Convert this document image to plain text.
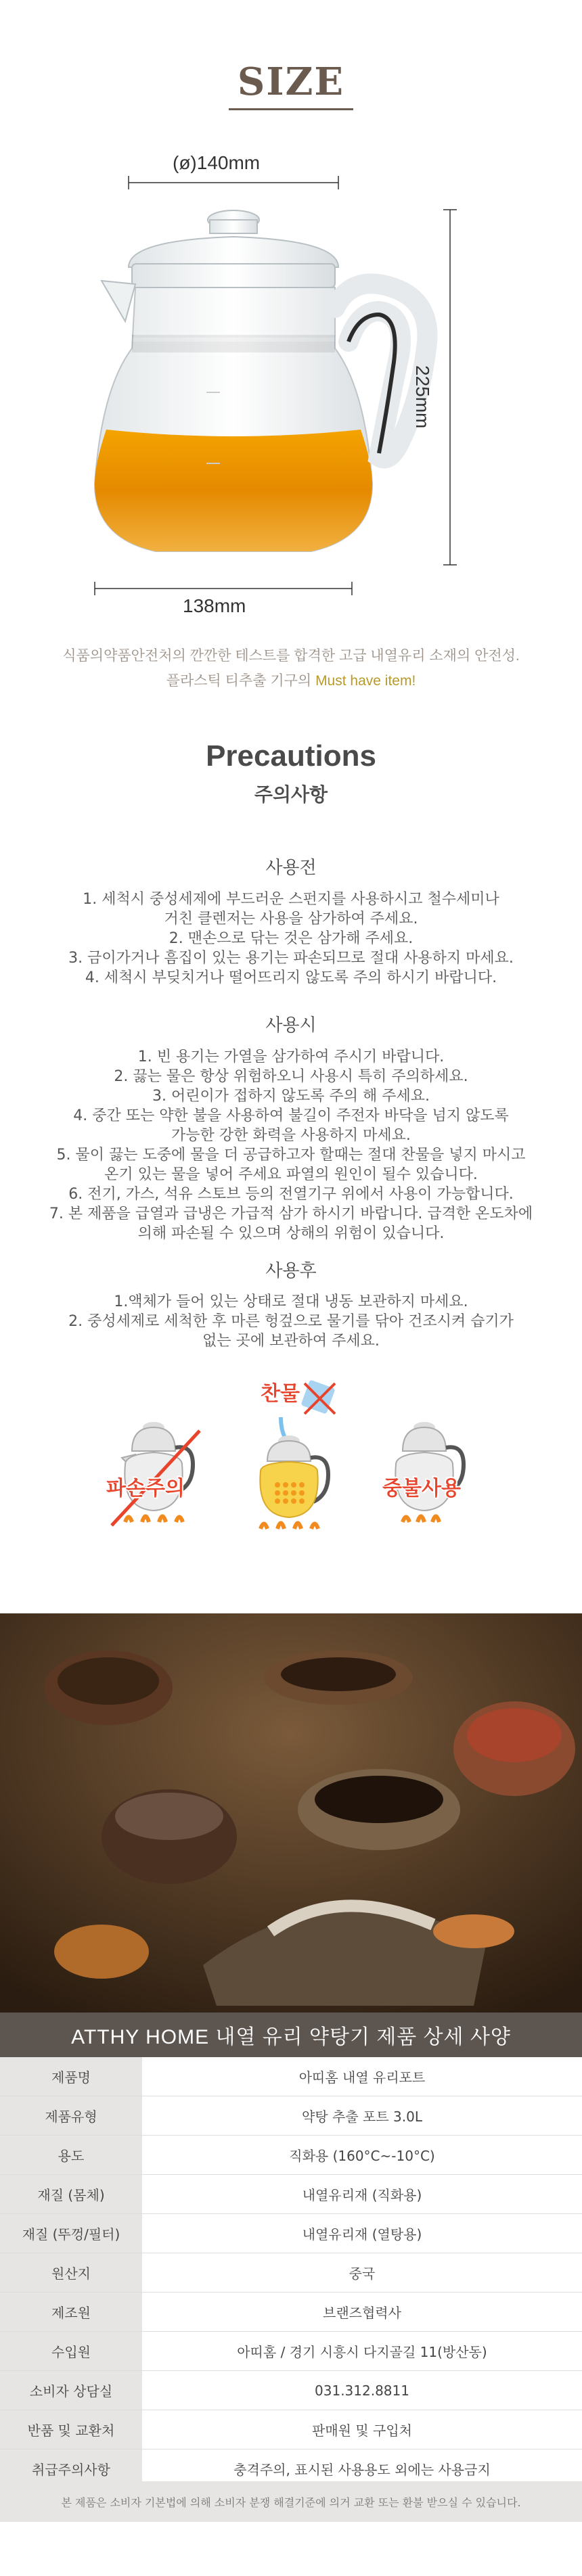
SIZE
(ø)140mm
225mm
138mm
식품의약품안전처의 깐깐한 테스트를 합격한 고급 내열유리 소재의 안전성.
플라스틱 티추출 기구의 Must have item!
Precautions
주의사항
사용전
1. 세척시 중성세제에 부드러운 스펀지를 사용하시고 철수세미나
거친 클렌저는 사용을 삼가하여 주세요.
2. 맨손으로 닦는 것은 삼가해 주세요.
3. 금이가거나 흠집이 있는 용기는 파손되므로 절대 사용하지 마세요.
4. 세척시 부딪치거나 떨어뜨리지 않도록 주의 하시기 바랍니다.
사용시
1. 빈 용기는 가열을 삼가하여 주시기 바랍니다.
2. 끓는 물은 항상 위험하오니 사용시 특히 주의하세요.
3. 어린이가 접하지 않도록 주의 해 주세요.
4. 중간 또는 약한 불을 사용하여 불길이 주전자 바닥을 넘지 않도록
가능한 강한 화력을 사용하지 마세요.
5. 물이 끓는 도중에 물을 더 공급하고자 할때는 절대 찬물을 넣지 마시고
온기 있는 물을 넣어 주세요 파열의 원인이 될수 있습니다.
6. 전기, 가스, 석유 스토브 등의 전열기구 위에서 사용이 가능합니다.
7. 본 제품을 급열과 급냉은 가급적 삼가 하시기 바랍니다. 급격한 온도차에
의해 파손될 수 있으며 상해의 위험이 있습니다.
사용후
1.액체가 들어 있는 상태로 절대 냉동 보관하지 마세요.
2. 중성세제로 세척한 후 마른 헝겊으로 물기를 닦아 건조시켜 습기가
없는 곳에 보관하여 주세요.
파손주의
찬물
중불사용
ATTHY HOME 내열 유리 약탕기 제품 상세 사양
제품명	아띠홈 내열 유리포트
제품유형	약탕 추출 포트 3.0L
용도	직화용 (160°C~-10°C)
재질 (몸체)	내열유리재 (직화용)
재질 (뚜껑/필터)	내열유리재 (열탕용)
원산지	중국
제조원	브랜즈협력사
수입원	아띠홈 / 경기 시흥시 다지골길 11(방산동)
소비자 상담실	031.312.8811
반품 및 교환처	판매원 및 구입처
취급주의사항	충격주의, 표시된 사용용도 외에는 사용금지
본 제품은 소비자 기본법에 의해 소비자 분쟁 해결기준에 의거 교환 또는 환불 받으실 수 있습니다.
